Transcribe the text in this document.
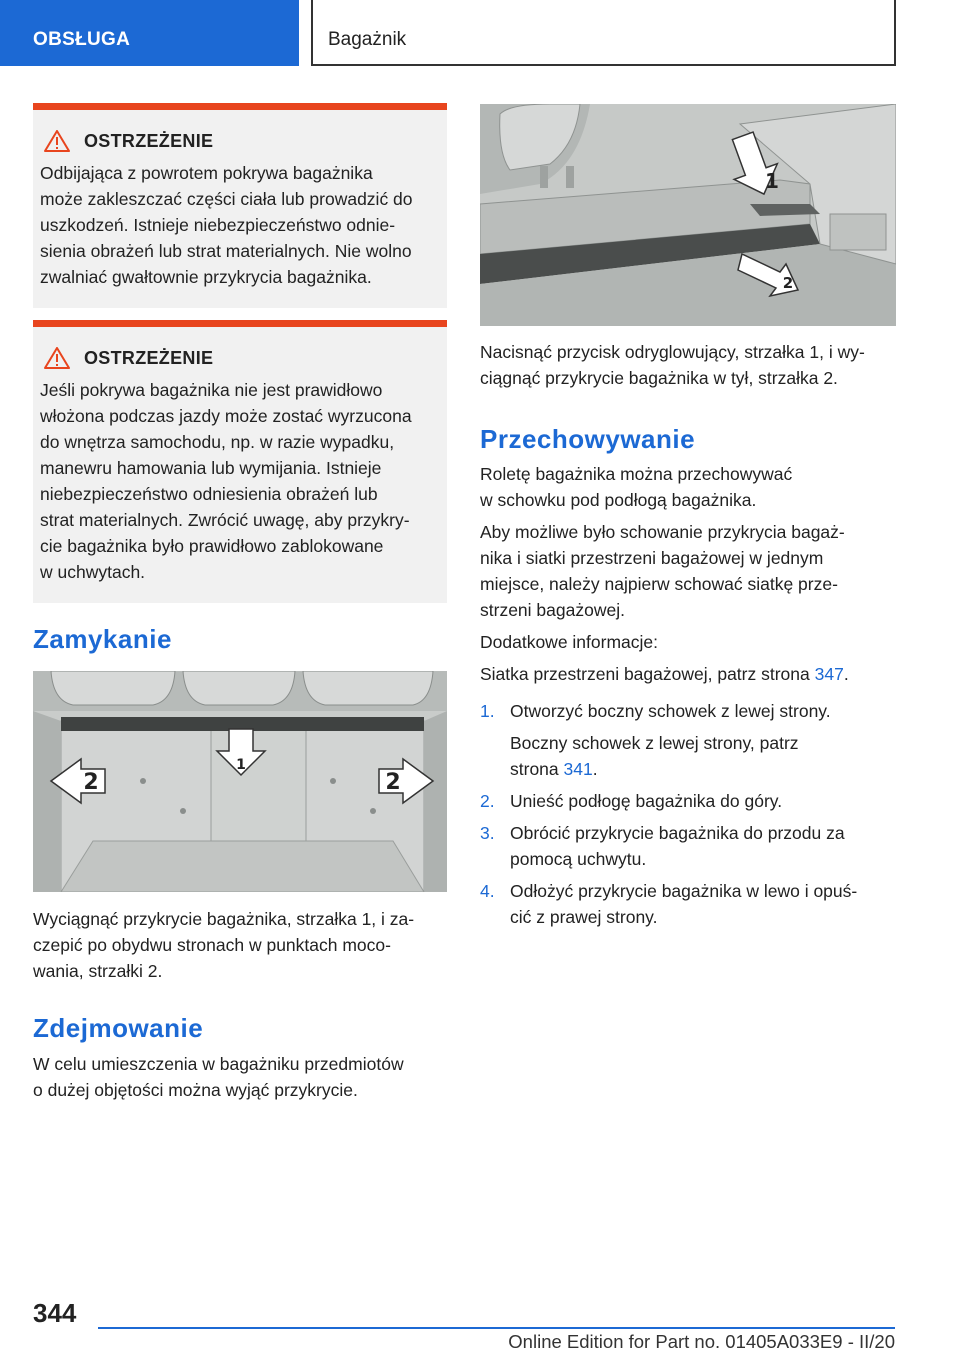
OBSŁUGA	Bagażnik
OSTRZEŻENIE
Odbijająca z powrotem pokrywa bagażnika
może zakleszczać części ciała lub prowadzić do
uszkodzeń. Istnieje niebezpieczeństwo odnie-
sienia obrażeń lub strat materialnych. Nie wolno
zwalniać gwałtownie przykrycia bagażnika.
OSTRZEŻENIE
Jeśli pokrywa bagażnika nie jest prawidłowo
włożona podczas jazdy może zostać wyrzucona
do wnętrza samochodu, np. w razie wypadku,
manewru hamowania lub wymijania. Istnieje
niebezpieczeństwo odniesienia obrażeń lub
strat materialnych. Zwrócić uwagę, aby przykry-
cie bagażnika było prawidłowo zablokowane
w uchwytach.
Zamykanie
1
2	2

Wyciągnąć przykrycie bagażnika, strzałka 1, i za-

czepić po obydwu stronach w punktach moco-

wania, strzałki 2.

Zdejmowanie

W celu umieszczenia w bagażniku przedmiotów

o dużej objętości można wyjąć przykrycie.

1
2

Nacisnąć przycisk odryglowujący, strzałka 1, i wy-

ciągnąć przykrycie bagażnika w tył, strzałka 2.

Przechowywanie

Roletę bagażnika można przechowywać

w schowku pod podłogą bagażnika.

Aby możliwe było schowanie przykrycia bagaż-

nika i siatki przestrzeni bagażowej w jednym

miejsce, należy najpierw schować siatkę prze-

strzeni bagażowej.

Dodatkowe informacje:

Siatka przestrzeni bagażowej, patrz strona 347.

1. Otworzyć boczny schowek z lewej strony.
Boczny schowek z lewej strony, patrz
strona 341.
2. Unieść podłogę bagażnika do góry.
3. Obrócić przykrycie bagażnika do przodu za
pomocą uchwytu.
4. Odłożyć przykrycie bagażnika w lewo i opuś-
cić z prawej strony.
344
Online Edition for Part no. 01405A033E9 - II/20
